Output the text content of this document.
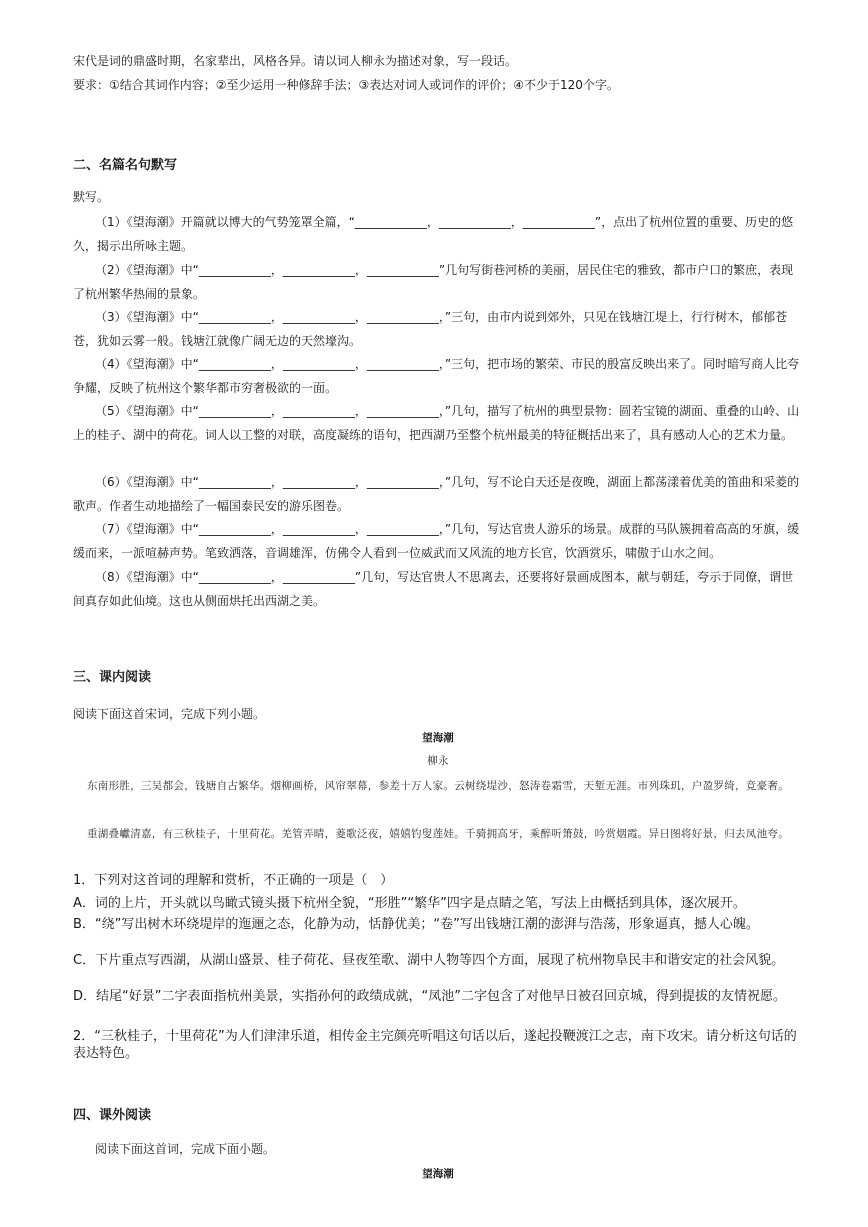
宋代是词的鼎盛时期，名家辈出，风格各异。请以词人柳永为描述对象，写一段话。

要求：①结合其词作内容；②至少运用一种修辞手法；③表达对词人或词作的评价；④不少于120个字。

二、名篇名句默写

默写。

（1）《望海潮》开篇就以博大的气势笼罩全篇，“____________，____________，____________”，点出了杭州位置的重要、历史的悠久，揭示出所咏主题。

（2）《望海潮》中“____________，____________，____________”几句写街巷河桥的美丽，居民住宅的雅致，都市户口的繁庶，表现了杭州繁华热闹的景象。

（3）《望海潮》中“____________，____________，____________，”三句，由市内说到郊外，只见在钱塘江堤上，行行树木，郁郁苍苍，犹如云雾一般。钱塘江就像广阔无边的天然壕沟。

（4）《望海潮》中“____________，____________，____________，”三句，把市场的繁荣、市民的殷富反映出来了。同时暗写商人比夸争耀，反映了杭州这个繁华都市穷奢极欲的一面。

（5）《望海潮》中“____________，____________，____________，”几句，描写了杭州的典型景物：圆若宝镜的湖面、重叠的山岭、山上的桂子、湖中的荷花。词人以工整的对联，高度凝练的语句，把西湖乃至整个杭州最美的特征概括出来了，具有感动人心的艺术力量。

（6）《望海潮》中“____________，____________，____________，”几句，写不论白天还是夜晚，湖面上都荡漾着优美的笛曲和采菱的歌声。作者生动地描绘了一幅国泰民安的游乐图卷。

（7）《望海潮》中“____________，____________，____________，”几句，写达官贵人游乐的场景。成群的马队簇拥着高高的牙旗，缓缓而来，一派喧赫声势。笔致洒落，音调雄浑，仿佛令人看到一位威武而又风流的地方长官，饮酒赏乐，啸傲于山水之间。

（8）《望海潮》中“____________，____________”几句，写达官贵人不思离去，还要将好景画成图本，献与朝廷，夸示于同僚，谓世间真存如此仙境。这也从侧面烘托出西湖之美。

三、课内阅读

阅读下面这首宋词，完成下列小题。

望海潮

柳永

东南形胜，三吴都会，钱塘自古繁华。烟柳画桥，风帘翠幕，参差十万人家。云树绕堤沙，怒涛卷霜雪，天堑无涯。市列珠玑，户盈罗绮，竞豪奢。

重湖叠巘清嘉，有三秋桂子，十里荷花。羌管弄晴，菱歌泛夜，嬉嬉钓叟莲娃。千骑拥高牙，乘醉听箫鼓，吟赏烟霞。异日图将好景，归去凤池夸。

1．下列对这首词的理解和赏析，不正确的一项是（　）

A．词的上片，开头就以鸟瞰式镜头摄下杭州全貌，“形胜”“繁华”四字是点睛之笔，写法上由概括到具体，逐次展开。

B．“绕”写出树木环绕堤岸的迤逦之态，化静为动，恬静优美；“卷”写出钱塘江潮的澎湃与浩荡，形象逼真，撼人心魄。

C．下片重点写西湖，从湖山盛景、桂子荷花、昼夜笙歌、湖中人物等四个方面，展现了杭州物阜民丰和谐安定的社会风貌。

D．结尾“好景”二字表面指杭州美景，实指孙何的政绩成就，“凤池”二字包含了对他早日被召回京城，得到提拔的友情祝愿。

2．“三秋桂子，十里荷花”为人们津津乐道，相传金主完颜亮听唱这句话以后，遂起投鞭渡江之志，南下攻宋。请分析这句话的表达特色。

四、课外阅读

阅读下面这首词，完成下面小题。

望海潮
